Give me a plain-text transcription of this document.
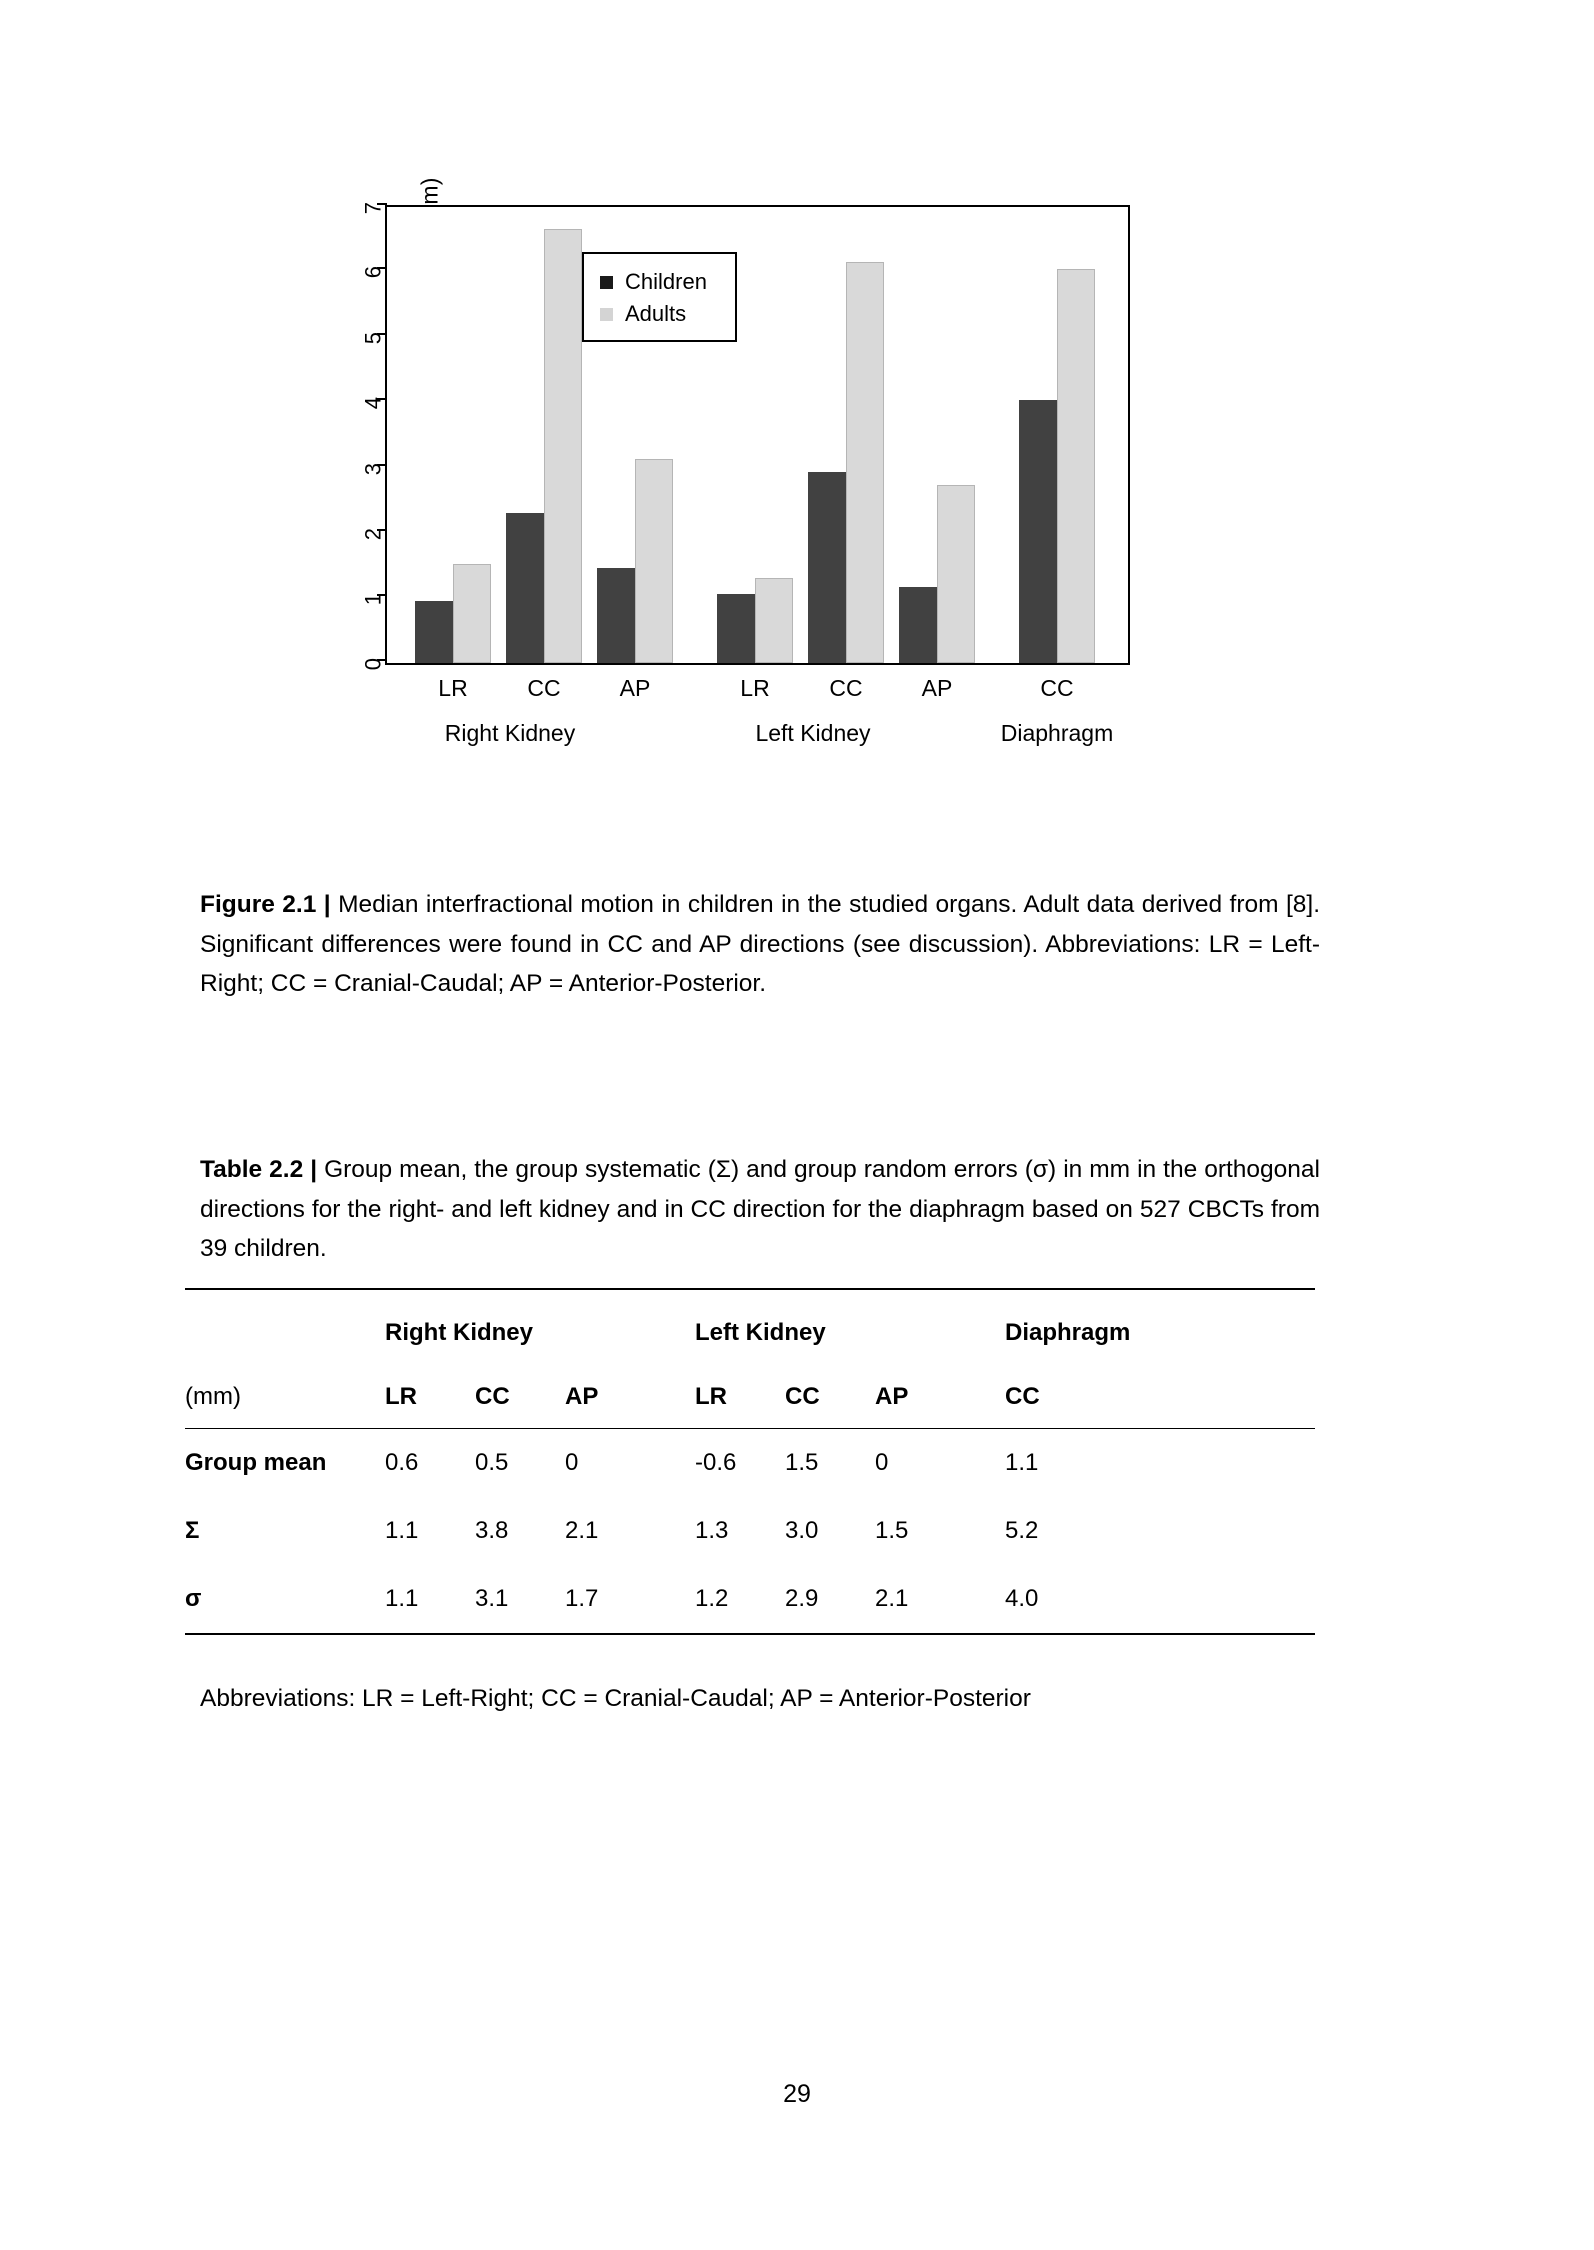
0
1
2
3
4
5
6
7
Children
Adults
LR	CC	AP	LR	CC	AP	CC
Right Kidney	Left Kidney	Diaphragm
Figure 2.1 | Median interfractional motion in children in the studied organs. Adult data derived from [8]. Significant differences were found in CC and AP directions (see discussion). Abbreviations: LR = Left-Right; CC = Cranial-Caudal; AP = Anterior-Posterior.
Table 2.2 | Group mean, the group systematic (Σ) and group random errors (σ) in mm in the orthogonal directions for the right- and left kidney and in CC direction for the diaphragm based on 527 CBCTs from 39 children.
	Right Kidney				Left Kidney				Diaphragm
(mm)	LR	CC	AP		LR	CC	AP		CC
Group mean	0.6	0.5	0		-0.6	1.5	0		1.1
Σ	1.1	3.8	2.1		1.3	3.0	1.5		5.2
σ	1.1	3.1	1.7		1.2	2.9	2.1		4.0
Abbreviations: LR = Left-Right; CC = Cranial-Caudal; AP = Anterior-Posterior
29
